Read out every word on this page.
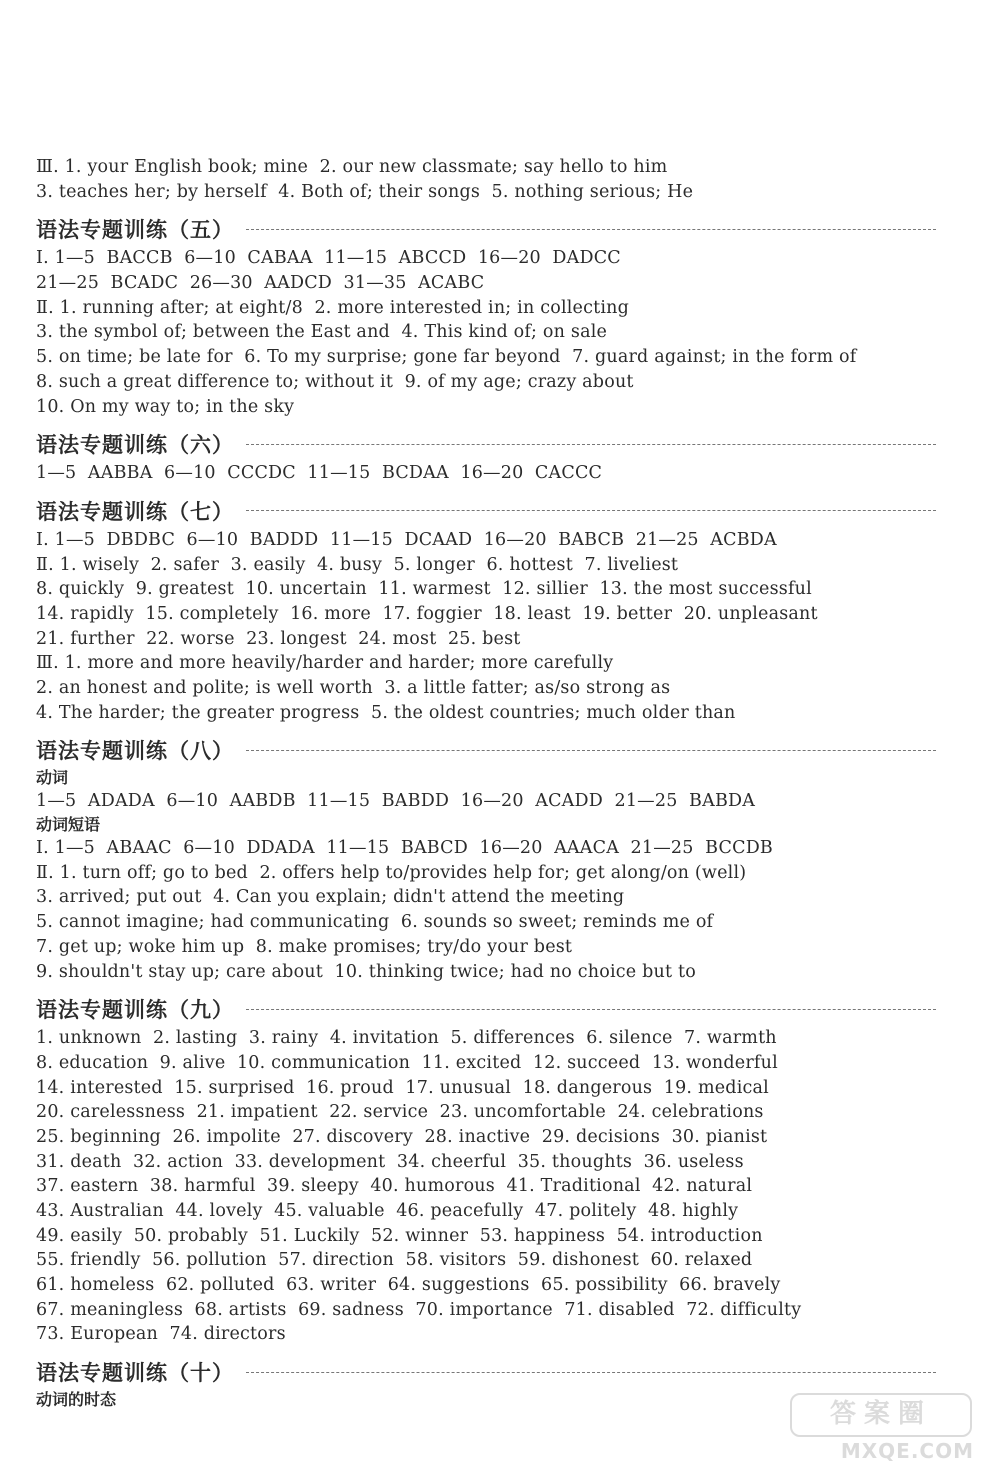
Ⅲ. 1. your English book; mine  2. our new classmate; say hello to him
3. teaches her; by herself  4. Both of; their songs  5. nothing serious; He
语法专题训练（五）
Ⅰ. 1—5  BACCB  6—10  CABAA  11—15  ABCCD  16—20  DADCC
21—25  BCADC  26—30  AADCD  31—35  ACABC
Ⅱ. 1. running after; at eight/8  2. more interested in; in collecting
3. the symbol of; between the East and  4. This kind of; on sale
5. on time; be late for  6. To my surprise; gone far beyond  7. guard against; in the form of
8. such a great difference to; without it  9. of my age; crazy about
10. On my way to; in the sky
语法专题训练（六）
1—5  AABBA  6—10  CCCDC  11—15  BCDAA  16—20  CACCC
语法专题训练（七）
Ⅰ. 1—5  DBDBC  6—10  BADDD  11—15  DCAAD  16—20  BABCB  21—25  ACBDA
Ⅱ. 1. wisely  2. safer  3. easily  4. busy  5. longer  6. hottest  7. liveliest
8. quickly  9. greatest  10. uncertain  11. warmest  12. sillier  13. the most successful
14. rapidly  15. completely  16. more  17. foggier  18. least  19. better  20. unpleasant
21. further  22. worse  23. longest  24. most  25. best
Ⅲ. 1. more and more heavily/harder and harder; more carefully
2. an honest and polite; is well worth  3. a little fatter; as/so strong as
4. The harder; the greater progress  5. the oldest countries; much older than
语法专题训练（八）
动词
1—5  ADADA  6—10  AABDB  11—15  BABDD  16—20  ACADD  21—25  BABDA
动词短语
Ⅰ. 1—5  ABAAC  6—10  DDADA  11—15  BABCD  16—20  AAACA  21—25  BCCDB
Ⅱ. 1. turn off; go to bed  2. offers help to/provides help for; get along/on (well)
3. arrived; put out  4. Can you explain; didn't attend the meeting
5. cannot imagine; had communicating  6. sounds so sweet; reminds me of
7. get up; woke him up  8. make promises; try/do your best
9. shouldn't stay up; care about  10. thinking twice; had no choice but to
语法专题训练（九）
1. unknown  2. lasting  3. rainy  4. invitation  5. differences  6. silence  7. warmth
8. education  9. alive  10. communication  11. excited  12. succeed  13. wonderful
14. interested  15. surprised  16. proud  17. unusual  18. dangerous  19. medical
20. carelessness  21. impatient  22. service  23. uncomfortable  24. celebrations
25. beginning  26. impolite  27. discovery  28. inactive  29. decisions  30. pianist
31. death  32. action  33. development  34. cheerful  35. thoughts  36. useless
37. eastern  38. harmful  39. sleepy  40. humorous  41. Traditional  42. natural
43. Australian  44. lovely  45. valuable  46. peacefully  47. politely  48. highly
49. easily  50. probably  51. Luckily  52. winner  53. happiness  54. introduction
55. friendly  56. pollution  57. direction  58. visitors  59. dishonest  60. relaxed
61. homeless  62. polluted  63. writer  64. suggestions  65. possibility  66. bravely
67. meaningless  68. artists  69. sadness  70. importance  71. disabled  72. difficulty
73. European  74. directors
语法专题训练（十）
动词的时态	答案圈
MXQE.COM
